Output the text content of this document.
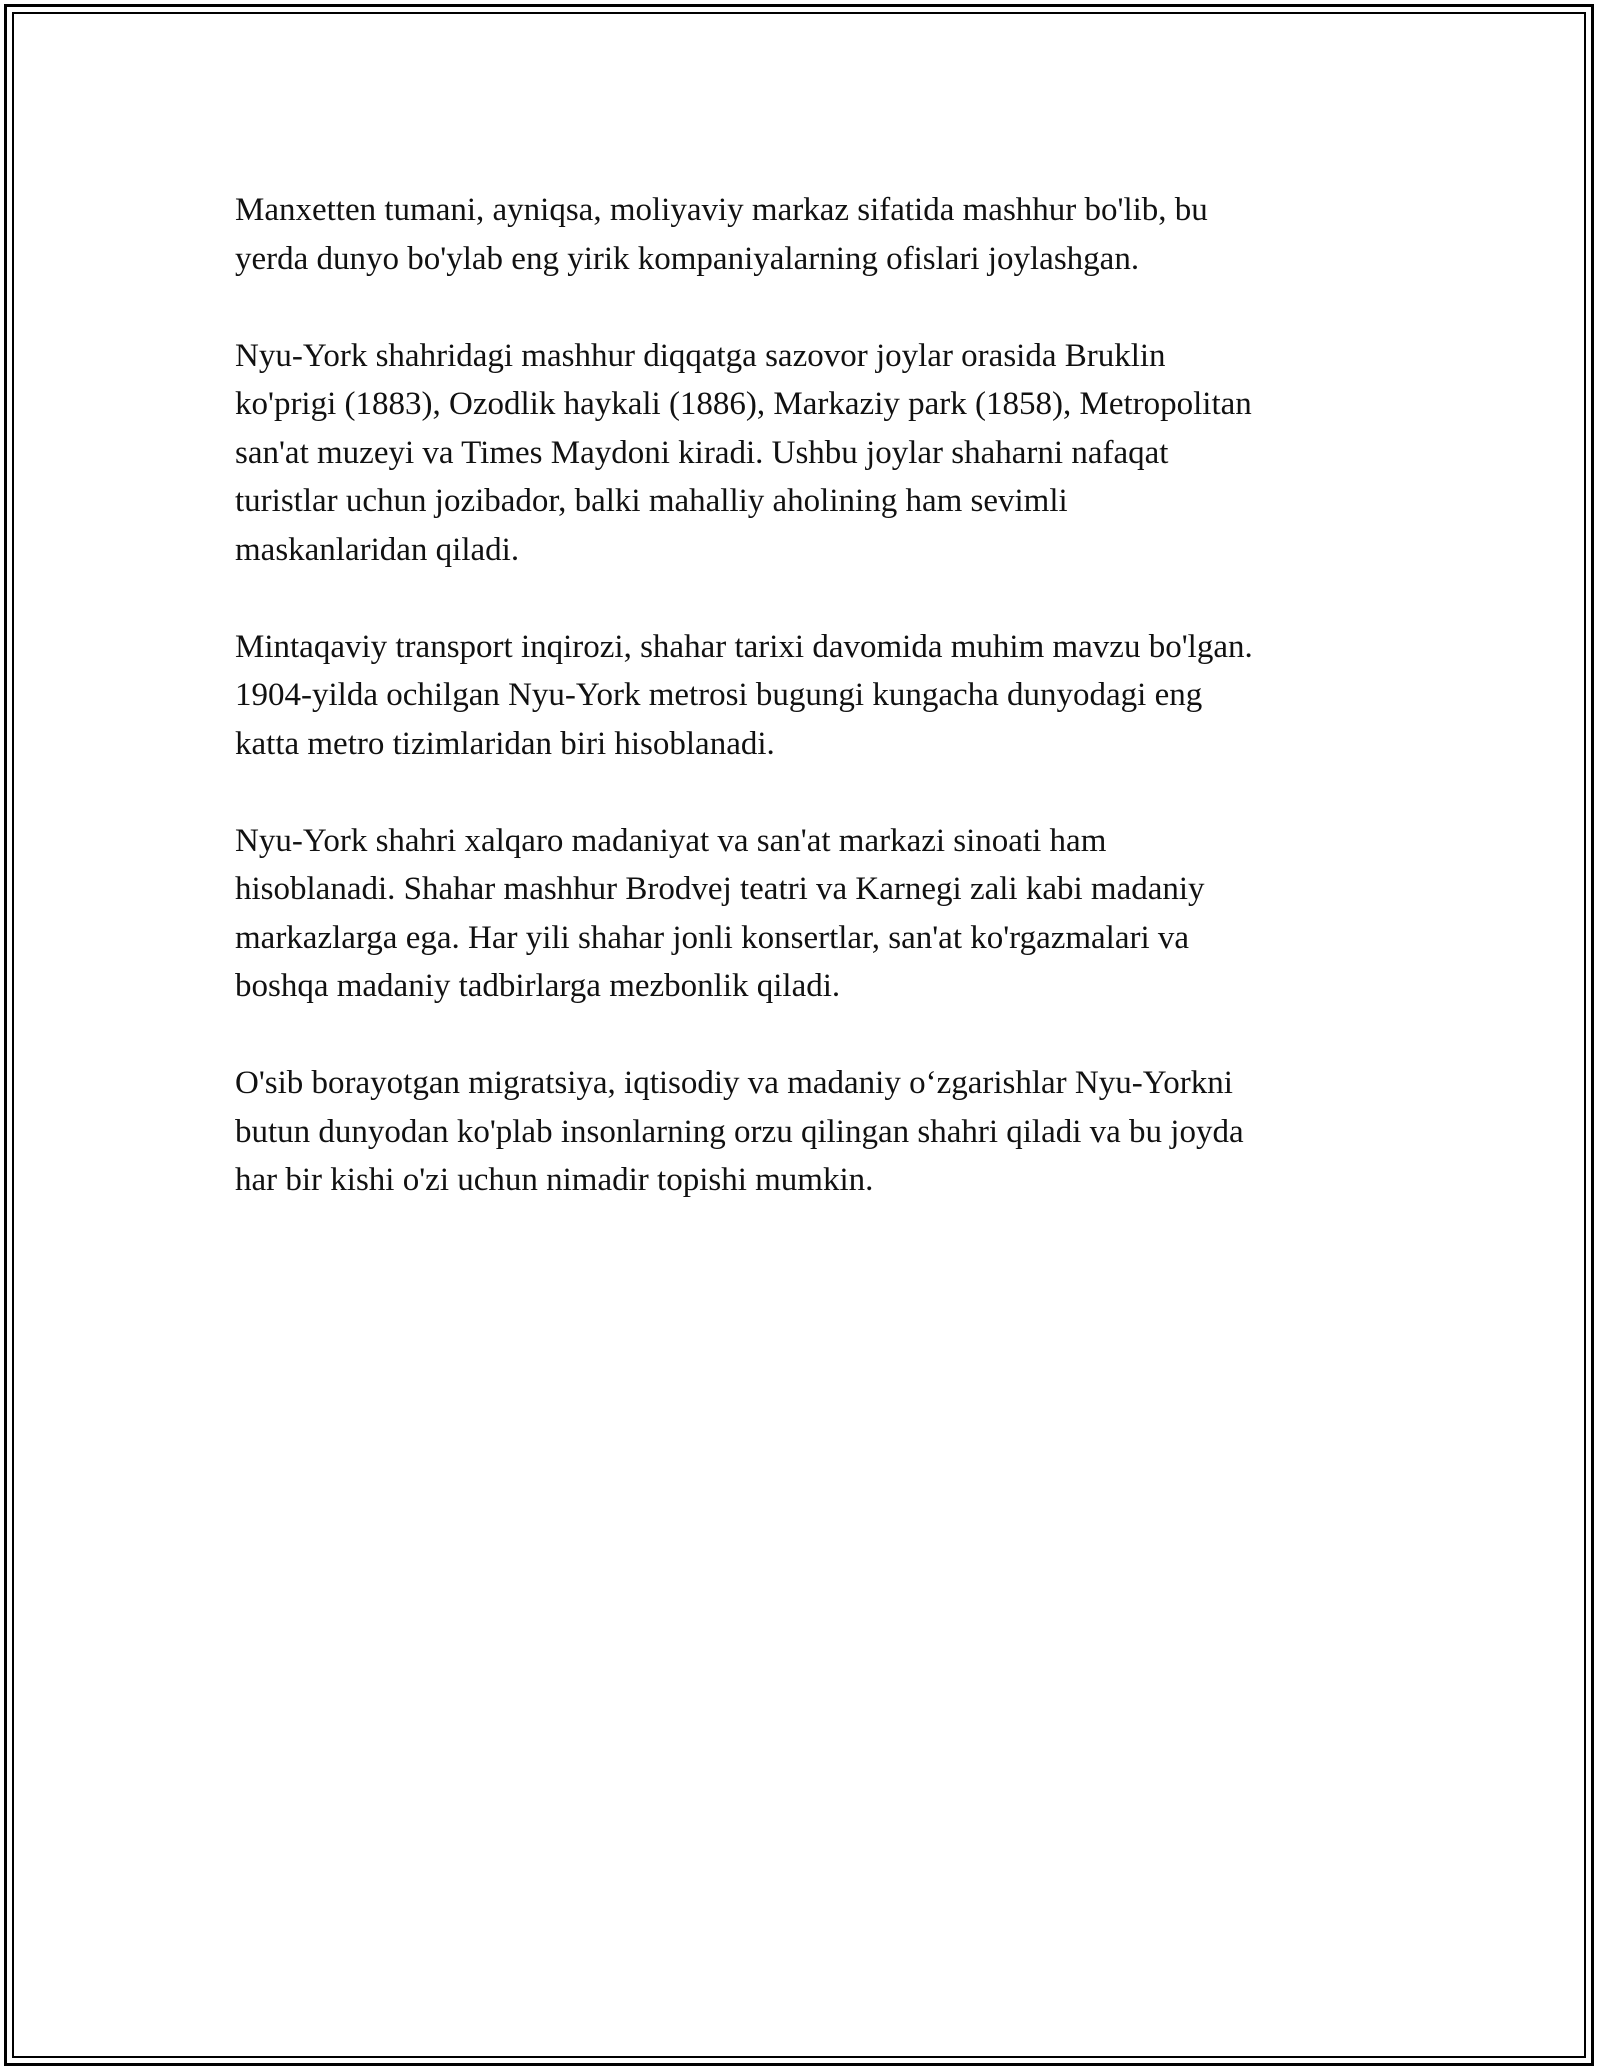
Manxetten tumani, ayniqsa, moliyaviy markaz sifatida mashhur bo'lib, bu
yerda dunyo bo'ylab eng yirik kompaniyalarning ofislari joylashgan.

Nyu-York shahridagi mashhur diqqatga sazovor joylar orasida Bruklin
ko'prigi (1883), Ozodlik haykali (1886), Markaziy park (1858), Metropolitan
san'at muzeyi va Times Maydoni kiradi. Ushbu joylar shaharni nafaqat
turistlar uchun jozibador, balki mahalliy aholining ham sevimli
maskanlaridan qiladi.

Mintaqaviy transport inqirozi, shahar tarixi davomida muhim mavzu bo'lgan.
1904-yilda ochilgan Nyu-York metrosi bugungi kungacha dunyodagi eng
katta metro tizimlaridan biri hisoblanadi.

Nyu-York shahri xalqaro madaniyat va san'at markazi sinoati ham
hisoblanadi. Shahar mashhur Brodvej teatri va Karnegi zali kabi madaniy
markazlarga ega. Har yili shahar jonli konsertlar, san'at ko'rgazmalari va
boshqa madaniy tadbirlarga mezbonlik qiladi.

O'sib borayotgan migratsiya, iqtisodiy va madaniy o‘zgarishlar Nyu-Yorkni
butun dunyodan ko'plab insonlarning orzu qilingan shahri qiladi va bu joyda
har bir kishi o'zi uchun nimadir topishi mumkin.
